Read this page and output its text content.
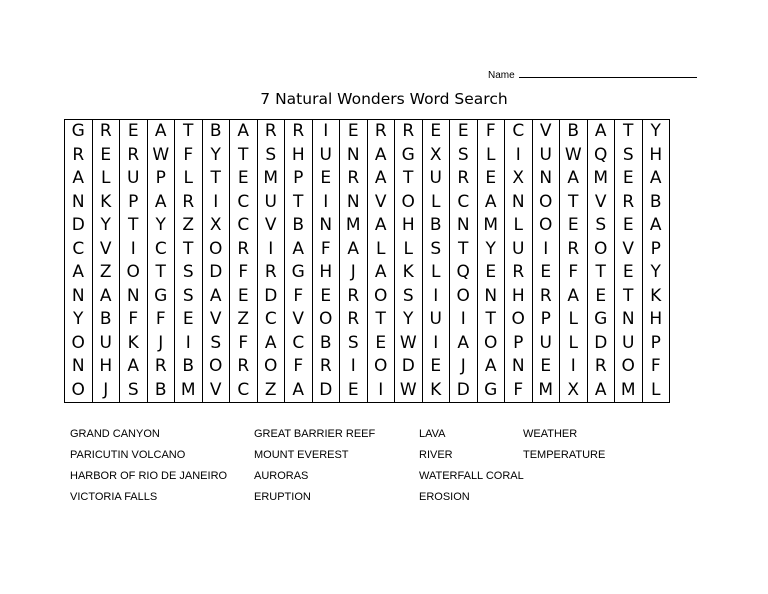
Name
7 Natural Wonders Word Search
G	R	E	A	T	B	A	R	R	I	E	R	R	E	E	F	C	V	B	A	T	Y
R	E	R	W	F	Y	T	S	H	U	N	A	G	X	S	L	I	U	W	Q	S	H
A	L	U	P	L	T	E	M	P	E	R	A	T	U	R	E	X	N	A	M	E	A
N	K	P	A	R	I	C	U	T	I	N	V	O	L	C	A	N	O	T	V	R	B
D	Y	T	Y	Z	X	C	V	B	N	M	A	H	B	N	M	L	O	E	S	E	A
C	V	I	C	T	O	R	I	A	F	A	L	L	S	T	Y	U	I	R	O	V	P
A	Z	O	T	S	D	F	R	G	H	J	A	K	L	Q	E	R	E	F	T	E	Y
N	A	N	G	S	A	E	D	F	E	R	O	S	I	O	N	H	R	A	E	T	K
Y	B	F	F	E	V	Z	C	V	O	R	T	Y	U	I	T	O	P	L	G	N	H
O	U	K	J	I	S	F	A	C	B	S	E	W	I	A	O	P	U	L	D	U	P
N	H	A	R	B	O	R	O	F	R	I	O	D	E	J	A	N	E	I	R	O	F
O	J	S	B	M	V	C	Z	A	D	E	I	W	K	D	G	F	M	X	A	M	L
GRAND CANYON
PARICUTIN VOLCANO
HARBOR OF RIO DE JANEIRO
VICTORIA FALLS
GREAT BARRIER REEF
MOUNT EVEREST
AURORAS
ERUPTION
LAVA
RIVER
WATERFALL CORAL
EROSION
WEATHER
TEMPERATURE
